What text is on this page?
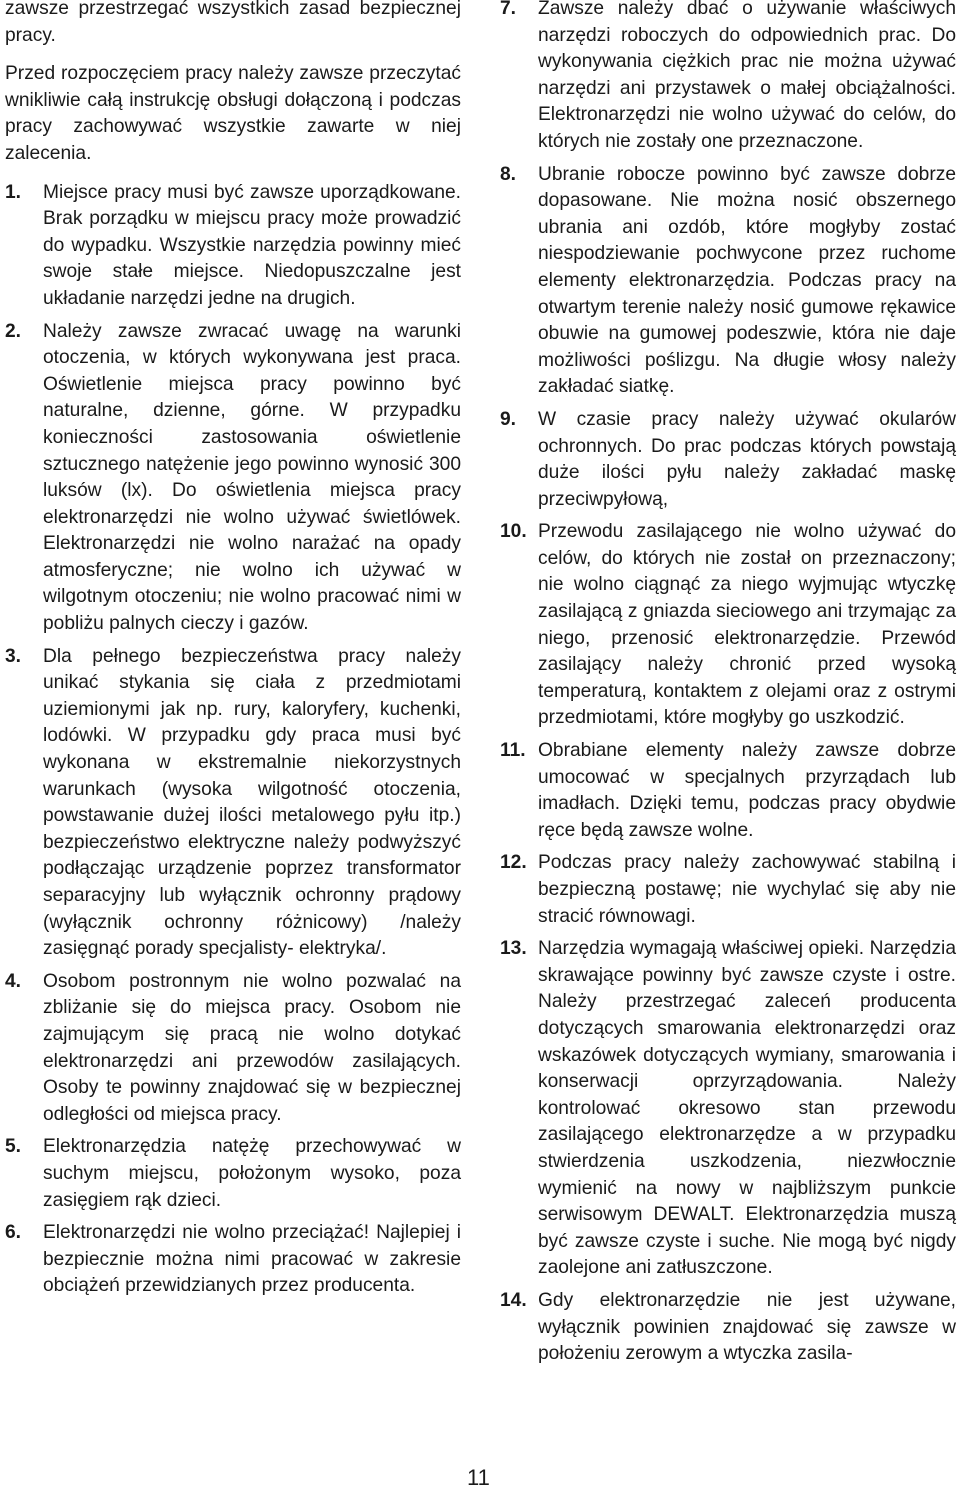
zawsze przestrzegać wszystkich zasad bezpiecznej pracy.

Przed rozpoczęciem pracy należy zawsze przeczytać wnikliwie całą instrukcję obsługi dołączoną i podczas pracy zachowywać wszystkie zawarte w niej zalecenia.

1. Miejsce pracy musi być zawsze uporządkowane. Brak porządku w miejscu pracy może prowadzić do wypadku. Wszystkie narzędzia powinny mieć swoje stałe miejsce. Niedopuszczalne jest układanie narzędzi jedne na drugich.
2. Należy zawsze zwracać uwagę na warunki otoczenia, w których wykonywana jest praca. Oświetlenie miejsca pracy powinno być naturalne, dzienne, górne. W przypadku konieczności zastosowania oświetlenie sztucznego natężenie jego powinno wynosić 300 luksów (lx). Do oświetlenia miejsca pracy elektronarzędzi nie wolno używać świetlówek. Elektronarzędzi nie wolno narażać na opady atmosferyczne; nie wolno ich używać w wilgotnym otoczeniu; nie wolno pracować nimi w pobliżu palnych cieczy i gazów.
3. Dla pełnego bezpieczeństwa pracy należy unikać stykania się ciała z przedmiotami uziemionymi jak np. rury, kaloryfery, kuchenki, lodówki. W przypadku gdy praca musi być wykonana w ekstremalnie niekorzystnych warunkach (wysoka wilgotność otoczenia, powstawanie dużej ilości metalowego pyłu itp.) bezpieczeństwo elektryczne należy podwyższyć podłączając urządzenie poprzez transformator separacyjny lub wyłącznik ochronny prądowy (wyłącznik ochronny różnicowy) /należy zasięgnąć porady specjalisty- elektryka/.
4. Osobom postronnym nie wolno pozwalać na zbliżanie się do miejsca pracy. Osobom nie zajmującym się pracą nie wolno dotykać elektronarzędzi ani przewodów zasilających. Osoby te powinny znajdować się w bezpiecznej odległości od miejsca pracy.
5. Elektronarzędzia natężę przechowywać w suchym miejscu, położonym wysoko, poza zasięgiem rąk dzieci.
6. Elektronarzędzi nie wolno przeciążać! Najlepiej i bezpiecznie można nimi pracować w zakresie obciążeń przewidzianych przez producenta.
7. Zawsze należy dbać o używanie właściwych narzędzi roboczych do odpowiednich prac. Do wykonywania ciężkich prac nie można używać narzędzi ani przystawek o małej obciążalności. Elektronarzędzi nie wolno używać do celów, do których nie zostały one przeznaczone.
8. Ubranie robocze powinno być zawsze dobrze dopasowane. Nie można nosić obszernego ubrania ani ozdób, które mogłyby zostać niespodziewanie pochwycone przez ruchome elementy elektronarzędzia. Podczas pracy na otwartym terenie należy nosić gumowe rękawice obuwie na gumowej podeszwie, która nie daje możliwości poślizgu. Na długie włosy należy zakładać siatkę.
9. W czasie pracy należy używać okularów ochronnych. Do prac podczas których powstają duże ilości pyłu należy zakładać maskę przeciwpyłową,
10. Przewodu zasilającego nie wolno używać do celów, do których nie został on przeznaczony; nie wolno ciągnąć za niego wyjmując wtyczkę zasilającą z gniazda sieciowego ani trzymając za niego, przenosić elektronarzędzie. Przewód zasilający należy chronić przed wysoką temperaturą, kontaktem z olejami oraz z ostrymi przedmiotami, które mogłyby go uszkodzić.
11. Obrabiane elementy należy zawsze dobrze umocować w specjalnych przyrządach lub imadłach. Dzięki temu, podczas pracy obydwie ręce będą zawsze wolne.
12. Podczas pracy należy zachowywać stabilną i bezpieczną postawę; nie wychylać się aby nie stracić równowagi.
13. Narzędzia wymagają właściwej opieki. Narzędzia skrawające powinny być zawsze czyste i ostre. Należy przestrzegać zaleceń producenta dotyczących smarowania elektronarzędzi oraz wskazówek dotyczących wymiany, smarowania i konserwacji oprzyrządowania. Należy kontrolować okresowo stan przewodu zasilającego elektronarzędze a w przypadku stwierdzenia uszkodzenia, niezwłocznie wymienić na nowy w najbliższym punkcie serwisowym DEWALT. Elektronarzędzia muszą być zawsze czyste i suche. Nie mogą być nigdy zaolejone ani zatłuszczone.
14. Gdy elektronarzędzie nie jest używane, wyłącznik powinien znajdować się zawsze w położeniu zerowym a wtyczka zasila-
11
